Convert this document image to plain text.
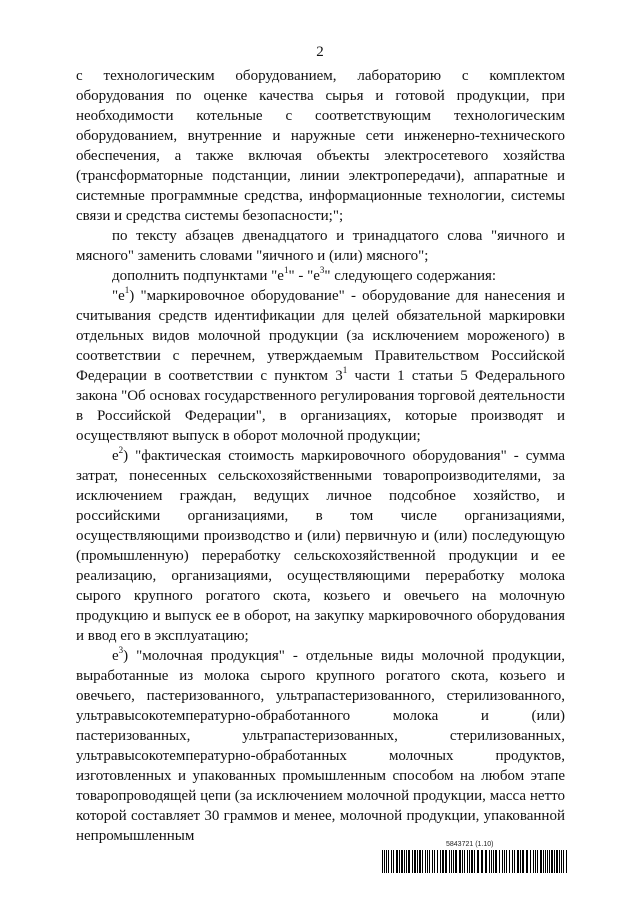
2

с технологическим оборудованием, лабораторию с комплектом оборудования по оценке качества сырья и готовой продукции, при необходимости котельные с соответствующим технологическим оборудованием, внутренние и наружные сети инженерно-технического обеспечения, а также включая объекты электросетевого хозяйства (трансформаторные подстанции, линии электропередачи), аппаратные и системные программные средства, информационные технологии, системы связи и средства системы безопасности;";

по тексту абзацев двенадцатого и тринадцатого слова "яичного и мясного" заменить словами "яичного и (или) мясного";

дополнить подпунктами "$е^1$" - "$е^3$" следующего содержания:

"$е^1$) "маркировочное оборудование" - оборудование для нанесения и считывания средств идентификации для целей обязательной маркировки отдельных видов молочной продукции (за исключением мороженого) в соответствии с перечнем, утверждаемым Правительством Российской Федерации в соответствии с пунктом $3^1$ части 1 статьи 5 Федерального закона "Об основах государственного регулирования торговой деятельности в Российской Федерации", в организациях, которые производят и осуществляют выпуск в оборот молочной продукции;

$е^2$) "фактическая стоимость маркировочного оборудования" - сумма затрат, понесенных сельскохозяйственными товаропроизводителями, за исключением граждан, ведущих личное подсобное хозяйство, и российскими организациями, в том числе организациями, осуществляющими производство и (или) первичную и (или) последующую (промышленную) переработку сельскохозяйственной продукции и ее реализацию, организациями, осуществляющими переработку молока сырого крупного рогатого скота, козьего и овечьего на молочную продукцию и выпуск ее в оборот, на закупку маркировочного оборудования и ввод его в эксплуатацию;

$е^3$) "молочная продукция" - отдельные виды молочной продукции, выработанные из молока сырого крупного рогатого скота, козьего и овечьего, пастеризованного, ультрапастеризованного, стерилизованного, ультравысокотемпературно-обработанного молока и (или) пастеризованных, ультрапастеризованных, стерилизованных, ультравысокотемпературно-обработанных молочных продуктов, изготовленных и упакованных промышленным способом на любом этапе товаропроводящей цепи (за исключением молочной продукции, масса нетто которой составляет 30 граммов и менее, молочной продукции, упакованной непромышленным

5843721 (1.10)
